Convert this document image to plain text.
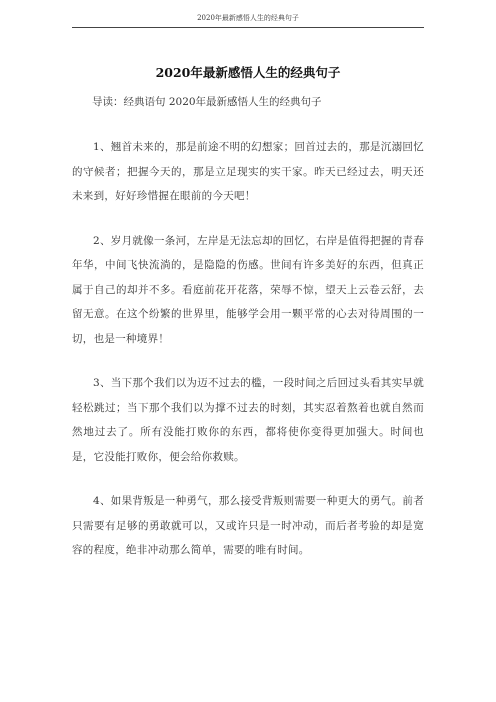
2020年最新感悟人生的经典句子
2020年最新感悟人生的经典句子
导读：经典语句 2020年最新感悟人生的经典句子

1、翘首未来的，那是前途不明的幻想家；回首过去的，那是沉溺回忆的守候者；把握今天的，那是立足现实的实干家。昨天已经过去，明天还未来到，好好珍惜握在眼前的今天吧！

2、岁月就像一条河，左岸是无法忘却的回忆，右岸是值得把握的青春年华，中间飞快流淌的，是隐隐的伤感。世间有许多美好的东西，但真正属于自己的却并不多。看庭前花开花落，荣辱不惊，望天上云卷云舒，去留无意。在这个纷繁的世界里，能够学会用一颗平常的心去对待周围的一切，也是一种境界！

3、当下那个我们以为迈不过去的槛，一段时间之后回过头看其实早就轻松跳过；当下那个我们以为撑不过去的时刻，其实忍着熬着也就自然而然地过去了。所有没能打败你的东西，都将使你变得更加强大。时间也是，它没能打败你，便会给你救赎。

4、如果背叛是一种勇气，那么接受背叛则需要一种更大的勇气。前者只需要有足够的勇敢就可以，又或许只是一时冲动，而后者考验的却是宽容的程度，绝非冲动那么简单，需要的唯有时间。
